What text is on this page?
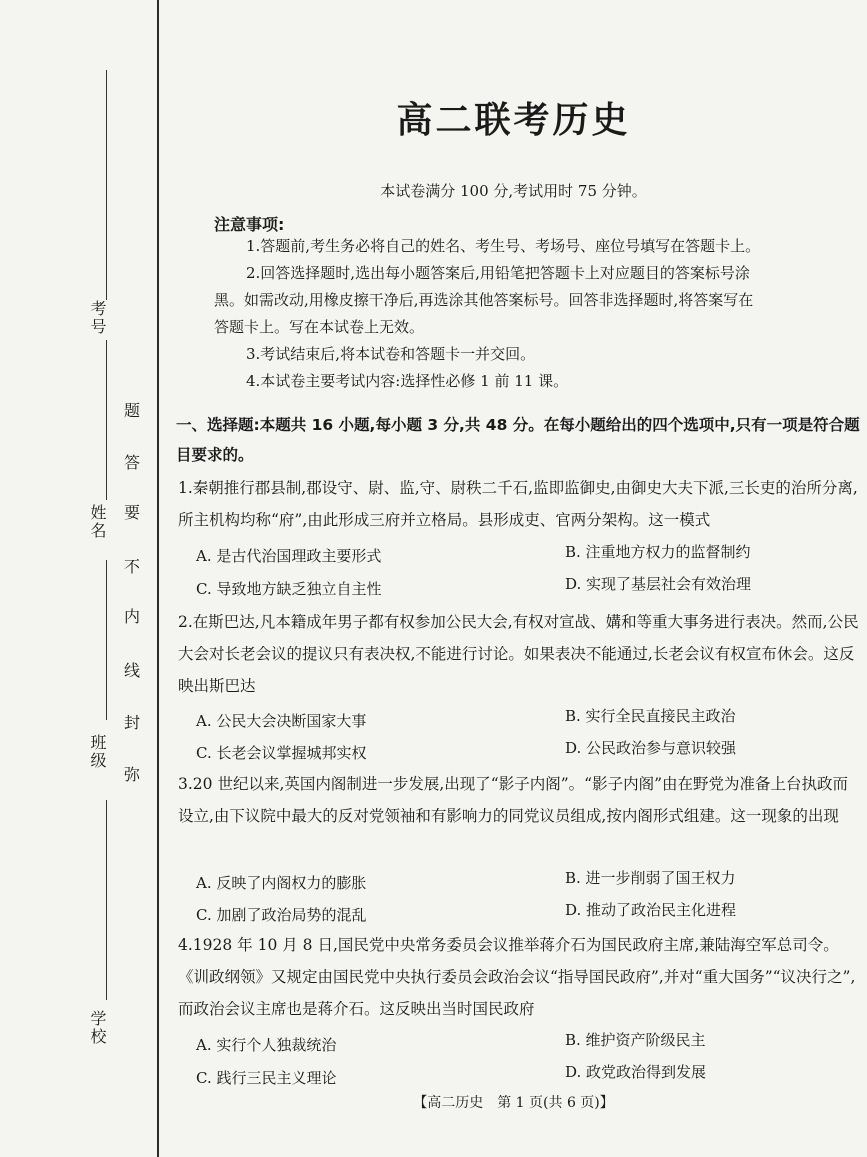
考号
姓名
班级
学校
题
答
要
不
内
线
封
弥
高二联考历史
本试卷满分 100 分,考试用时 75 分钟。
注意事项:
1.答题前,考生务必将自己的姓名、考生号、考场号、座位号填写在答题卡上。
2.回答选择题时,选出每小题答案后,用铅笔把答题卡上对应题目的答案标号涂
黑。如需改动,用橡皮擦干净后,再选涂其他答案标号。回答非选择题时,将答案写在
答题卡上。写在本试卷上无效。
3.考试结束后,将本试卷和答题卡一并交回。
4.本试卷主要考试内容:选择性必修 1 前 11 课。
一、选择题:本题共 16 小题,每小题 3 分,共 48 分。在每小题给出的四个选项中,只有一项是符合题目要求的。
1.秦朝推行郡县制,郡设守、尉、监,守、尉秩二千石,监即监御史,由御史大夫下派,三长吏的治所分离,所主机构均称“府”,由此形成三府并立格局。县形成吏、官两分架构。这一模式
A. 是古代治国理政主要形式	B. 注重地方权力的监督制约
C. 导致地方缺乏独立自主性	D. 实现了基层社会有效治理
2.在斯巴达,凡本籍成年男子都有权参加公民大会,有权对宣战、媾和等重大事务进行表决。然而,公民大会对长老会议的提议只有表决权,不能进行讨论。如果表决不能通过,长老会议有权宣布休会。这反映出斯巴达
A. 公民大会决断国家大事	B. 实行全民直接民主政治
C. 长老会议掌握城邦实权	D. 公民政治参与意识较强
3.20 世纪以来,英国内阁制进一步发展,出现了“影子内阁”。“影子内阁”由在野党为准备上台执政而设立,由下议院中最大的反对党领袖和有影响力的同党议员组成,按内阁形式组建。这一现象的出现
A. 反映了内阁权力的膨胀	B. 进一步削弱了国王权力
C. 加剧了政治局势的混乱	D. 推动了政治民主化进程
4.1928 年 10 月 8 日,国民党中央常务委员会议推举蒋介石为国民政府主席,兼陆海空军总司令。《训政纲领》又规定由国民党中央执行委员会政治会议“指导国民政府”,并对“重大国务”“议决行之”,而政治会议主席也是蒋介石。这反映出当时国民政府
A. 实行个人独裁统治	B. 维护资产阶级民主
C. 践行三民主义理论	D. 政党政治得到发展
【高二历史　第 1 页(共 6 页)】
